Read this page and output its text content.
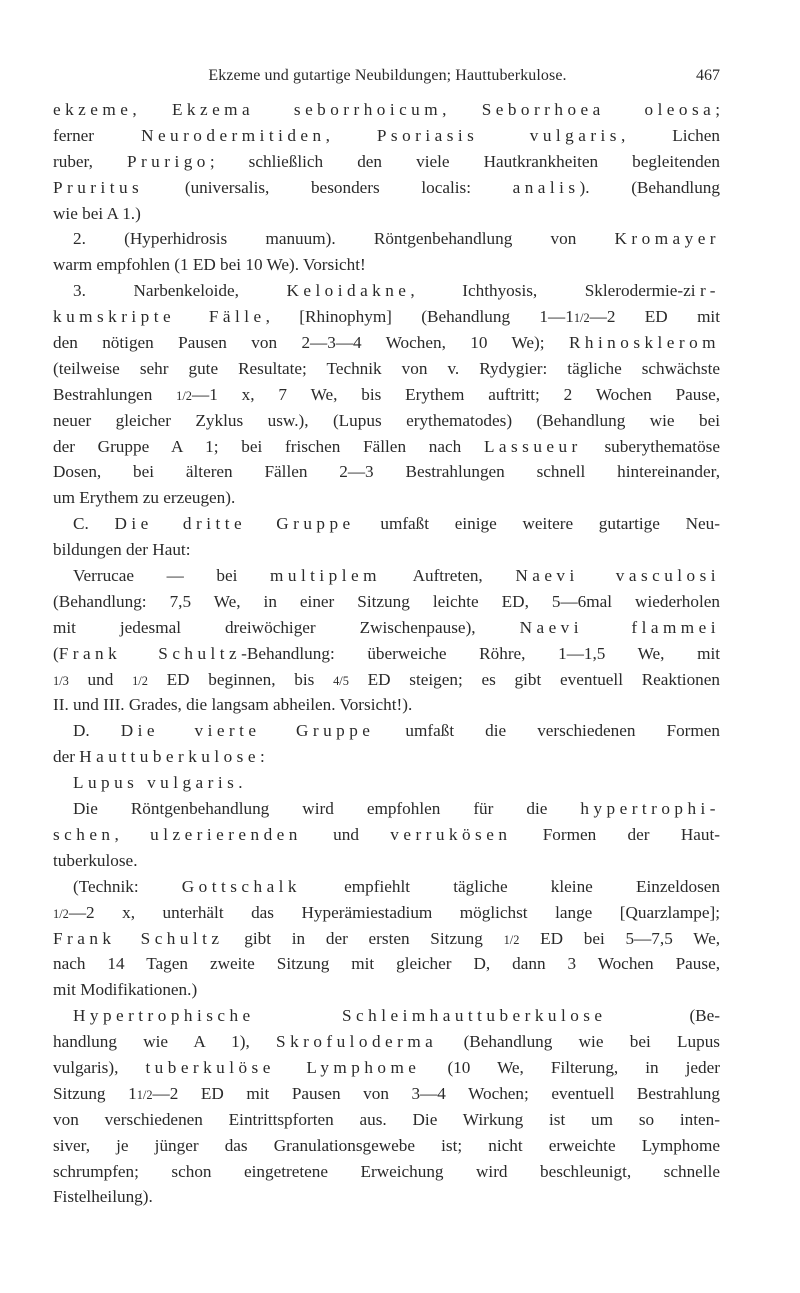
Ekzeme und gutartige Neubildungen; Hauttuberkulose.	467
ekzeme, Ekzema seborrhoicum, Seborrhoea oleosa;
ferner Neurodermitiden, Psoriasis vulgaris, Lichen
ruber, Prurigo; schließlich den viele Hautkrankheiten begleitenden
Pruritus (universalis, besonders localis: analis). (Behandlung
wie bei A 1.)
2. (Hyperhidrosis manuum). Röntgenbehandlung von Kromayer
warm empfohlen (1 ED bei 10 We). Vorsicht!
3. Narbenkeloide, Keloidakne, Ichthyosis, Sklerodermie-zir-
kumskripte Fälle, [Rhinophym] (Behandlung 1—11/2—2 ED mit
den nötigen Pausen von 2—3—4 Wochen, 10 We); Rhinosklerom
(teilweise sehr gute Resultate; Technik von v. Rydygier: tägliche schwächste
Bestrahlungen 1/2—1 x, 7 We, bis Erythem auftritt; 2 Wochen Pause,
neuer gleicher Zyklus usw.), (Lupus erythematodes) (Behandlung wie bei
der Gruppe A 1; bei frischen Fällen nach Lassueur suberythematöse
Dosen, bei älteren Fällen 2—3 Bestrahlungen schnell hintereinander,
um Erythem zu erzeugen).
C. Die dritte Gruppe umfaßt einige weitere gutartige Neu-
bildungen der Haut:
Verrucae — bei multiplem Auftreten, Naevi vasculosi
(Behandlung: 7,5 We, in einer Sitzung leichte ED, 5—6mal wiederholen
mit jedesmal dreiwöchiger Zwischenpause), Naevi flammei
(Frank Schultz-Behandlung: überweiche Röhre, 1—1,5 We, mit
1/3 und 1/2 ED beginnen, bis 4/5 ED steigen; es gibt eventuell Reaktionen
II. und III. Grades, die langsam abheilen. Vorsicht!).
D. Die vierte Gruppe umfaßt die verschiedenen Formen
der Hauttuberkulose:
Lupus vulgaris.
Die Röntgenbehandlung wird empfohlen für die hypertrophi-
schen, ulzerierenden und verrukösen Formen der Haut-
tuberkulose.
(Technik: Gottschalk empfiehlt tägliche kleine Einzeldosen
1/2—2 x, unterhält das Hyperämiestadium möglichst lange [Quarzlampe];
Frank Schultz gibt in der ersten Sitzung 1/2 ED bei 5—7,5 We,
nach 14 Tagen zweite Sitzung mit gleicher D, dann 3 Wochen Pause,
mit Modifikationen.)
Hypertrophische Schleimhauttuberkulose (Be-
handlung wie A 1), Skrofuloderma (Behandlung wie bei Lupus
vulgaris), tuberkulöse Lymphome (10 We, Filterung, in jeder
Sitzung 11/2—2 ED mit Pausen von 3—4 Wochen; eventuell Bestrahlung
von verschiedenen Eintrittspforten aus. Die Wirkung ist um so inten-
siver, je jünger das Granulationsgewebe ist; nicht erweichte Lymphome
schrumpfen; schon eingetretene Erweichung wird beschleunigt, schnelle
Fistelheilung).
